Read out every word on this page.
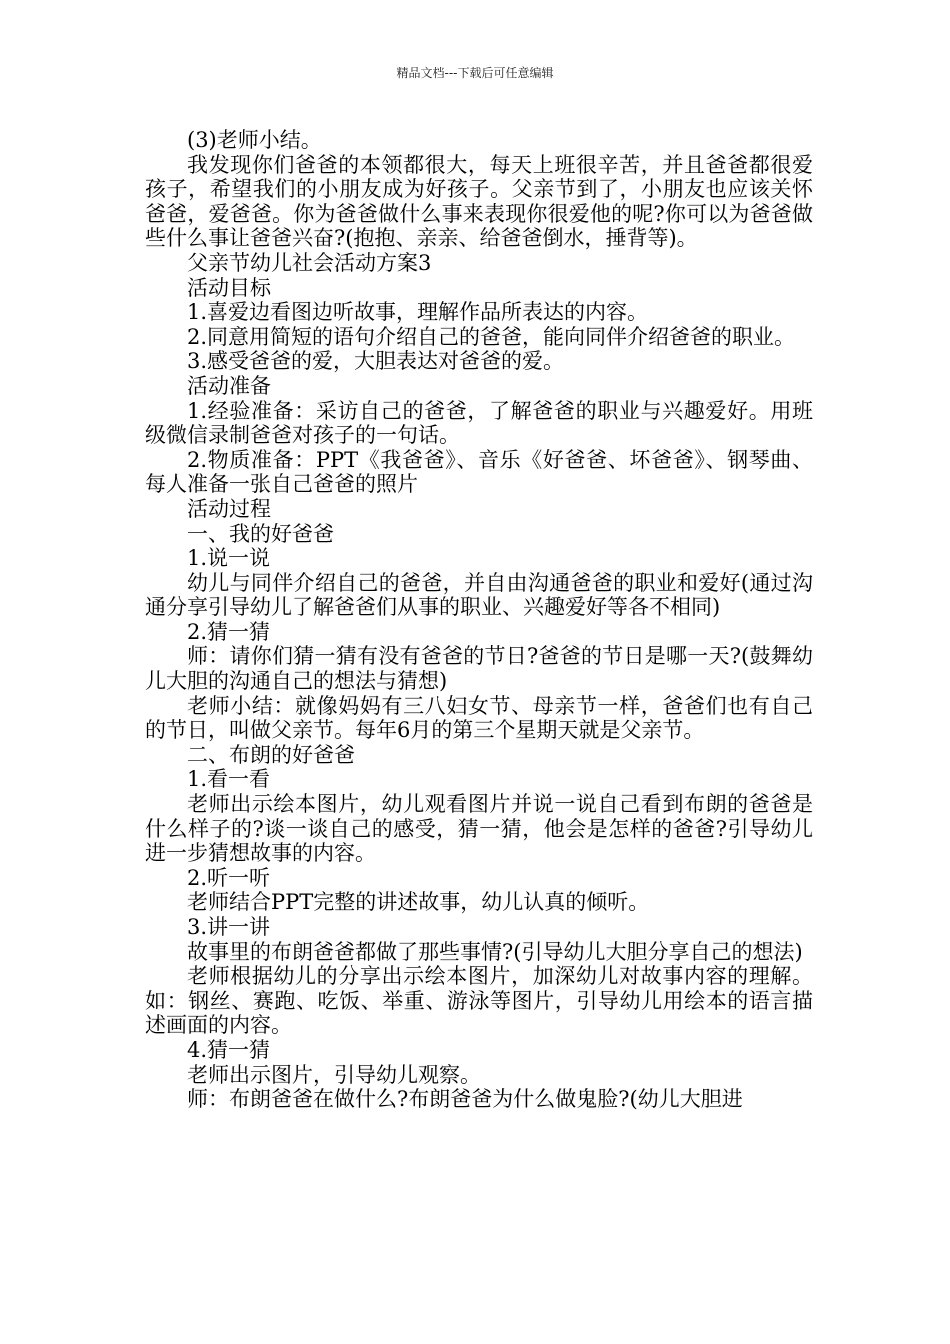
精品文档---下载后可任意编辑

(3)老师小结。

我发现你们爸爸的本领都很大，每天上班很辛苦，并且爸爸都很爱孩子，希望我们的小朋友成为好孩子。父亲节到了，小朋友也应该关怀爸爸，爱爸爸。你为爸爸做什么事来表现你很爱他的呢?你可以为爸爸做些什么事让爸爸兴奋?(抱抱、亲亲、给爸爸倒水，捶背等)。

父亲节幼儿社会活动方案3

活动目标

1.喜爱边看图边听故事，理解作品所表达的内容。

2.同意用简短的语句介绍自己的爸爸，能向同伴介绍爸爸的职业。

3.感受爸爸的爱，大胆表达对爸爸的爱。

活动准备

1.经验准备：采访自己的爸爸，了解爸爸的职业与兴趣爱好。用班级微信录制爸爸对孩子的一句话。

2.物质准备：PPT《我爸爸》、音乐《好爸爸、坏爸爸》、钢琴曲、每人准备一张自己爸爸的照片

活动过程

一、我的好爸爸

1.说一说

幼儿与同伴介绍自己的爸爸，并自由沟通爸爸的职业和爱好(通过沟通分享引导幼儿了解爸爸们从事的职业、兴趣爱好等各不相同)

2.猜一猜

师：请你们猜一猜有没有爸爸的节日?爸爸的节日是哪一天?(鼓舞幼儿大胆的沟通自己的想法与猜想)

老师小结：就像妈妈有三八妇女节、母亲节一样，爸爸们也有自己的节日，叫做父亲节。每年6月的第三个星期天就是父亲节。

二、布朗的好爸爸

1.看一看

老师出示绘本图片，幼儿观看图片并说一说自己看到布朗的爸爸是什么样子的?谈一谈自己的感受，猜一猜，他会是怎样的爸爸?引导幼儿进一步猜想故事的内容。

2.听一听

老师结合PPT完整的讲述故事，幼儿认真的倾听。

3.讲一讲

故事里的布朗爸爸都做了那些事情?(引导幼儿大胆分享自己的想法)

老师根据幼儿的分享出示绘本图片，加深幼儿对故事内容的理解。如：钢丝、赛跑、吃饭、举重、游泳等图片，引导幼儿用绘本的语言描述画面的内容。

4.猜一猜

老师出示图片，引导幼儿观察。

师：布朗爸爸在做什么?布朗爸爸为什么做鬼脸?(幼儿大胆进
